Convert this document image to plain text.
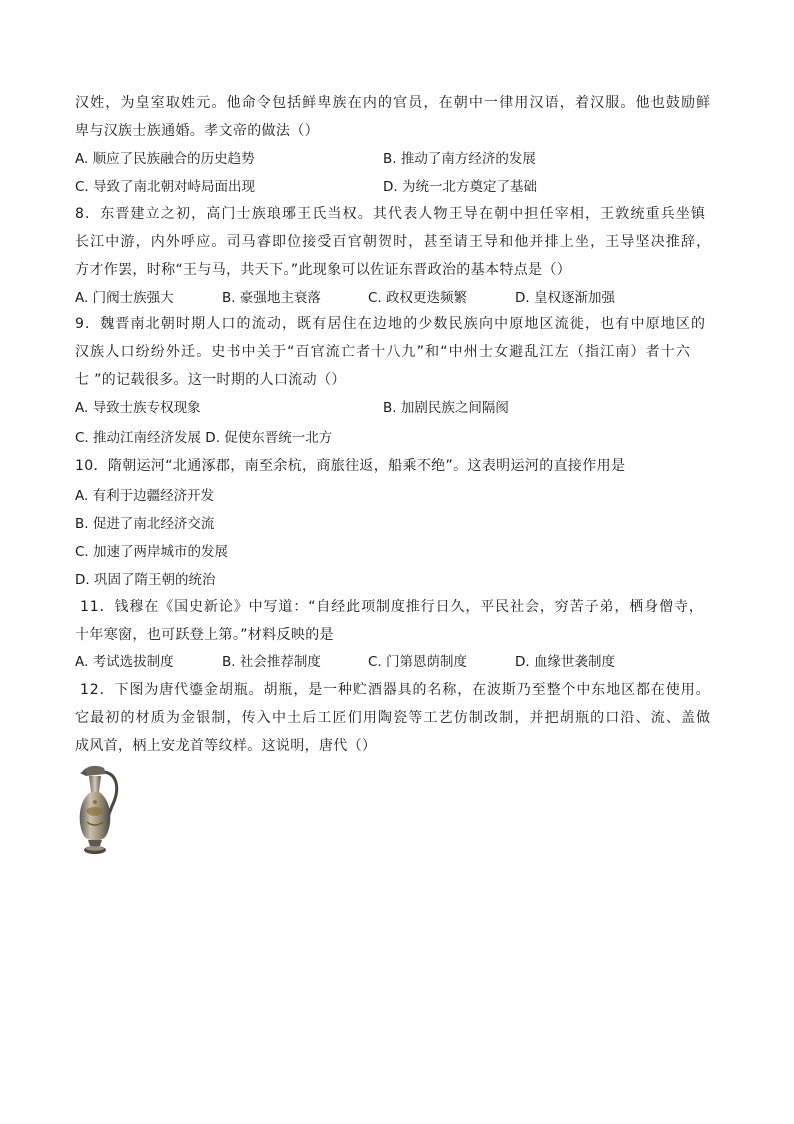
汉姓，为皇室取姓元。他命令包括鲜卑族在内的官员，在朝中一律用汉语，着汉服。他也鼓励鲜
卑与汉族士族通婚。孝文帝的做法（）
A. 顺应了民族融合的历史趋势	B. 推动了南方经济的发展
C. 导致了南北朝对峙局面出现	D. 为统一北方奠定了基础
8．东晋建立之初，高门士族琅琊王氏当权。其代表人物王导在朝中担任宰相，王敦统重兵坐镇
长江中游，内外呼应。司马睿即位接受百官朝贺时，甚至请王导和他并排上坐，王导坚决推辞，
方才作罢，时称“王与马，共天下。”此现象可以佐证东晋政治的基本特点是（）
A. 门阀士族强大	B. 豪强地主衰落	C. 政权更迭频繁	D. 皇权逐渐加强
9．魏晋南北朝时期人口的流动，既有居住在边地的少数民族向中原地区流徙，也有中原地区的
汉族人口纷纷外迁。史书中关于“百官流亡者十八九”和“中州士女避乱江左（指江南）者十六
七 ”的记载很多。这一时期的人口流动（）
A. 导致士族专权现象	B. 加剧民族之间隔阂
C. 推动江南经济发展 D. 促使东晋统一北方
10．隋朝运河“北通涿郡，南至余杭，商旅往返，船乘不绝”。这表明运河的直接作用是
A. 有利于边疆经济开发
B. 促进了南北经济交流
C. 加速了两岸城市的发展
D. 巩固了隋王朝的统治
11．钱穆在《国史新论》中写道：“自经此项制度推行日久，平民社会，穷苦子弟，栖身僧寺，
十年寒窗，也可跃登上第。”材料反映的是
A. 考试选拔制度	B. 社会推荐制度	C. 门第恩荫制度	D. 血缘世袭制度
12．下图为唐代鎏金胡瓶。胡瓶，是一种贮酒器具的名称，在波斯乃至整个中东地区都在使用。
它最初的材质为金银制，传入中土后工匠们用陶瓷等工艺仿制改制，并把胡瓶的口沿、流、盖做
成风首，柄上安龙首等纹样。这说明，唐代（）
